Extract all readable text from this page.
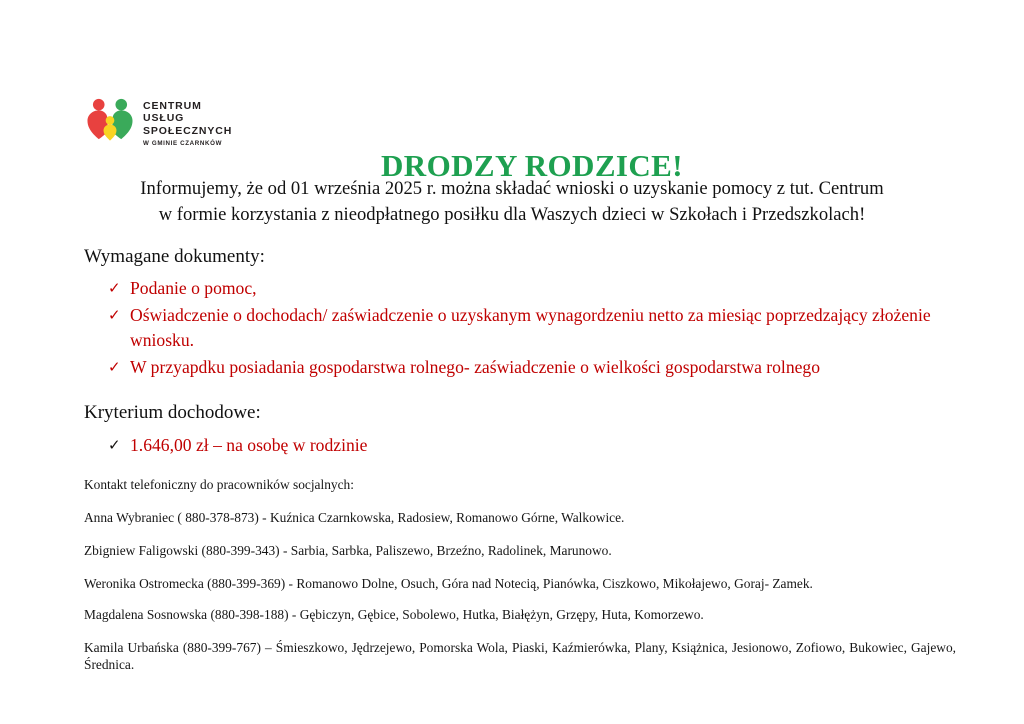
CENTRUM
USŁUG
SPOŁECZNYCH
W GMINIE CZARNKÓW
DRODZY RODZICE!

Informujemy, że od 01 września 2025 r. można składać wnioski o uzyskanie pomocy z tut. Centrum
w formie korzystania z nieodpłatnego posiłku dla Waszych dzieci w Szkołach i Przedszkolach!

Wymagane dokumenty:

✓ Podanie o pomoc,
✓ Oświadczenie o dochodach/ zaświadczenie o uzyskanym wynagordzeniu netto za miesiąc poprzedzający złożenie wniosku.
✓ W przyapdku posiadania gospodarstwa rolnego- zaświadczenie o wielkości gospodarstwa rolnego

Kryterium dochodowe:

✓ 1.646,00 zł – na osobę w rodzinie

Kontakt telefoniczny do pracowników socjalnych:

Anna Wybraniec ( 880-378-873) - Kuźnica Czarnkowska, Radosiew, Romanowo Górne, Walkowice.

Zbigniew Faligowski (880-399-343) - Sarbia, Sarbka, Paliszewo, Brzeźno, Radolinek, Marunowo.

Weronika Ostromecka (880-399-369) - Romanowo Dolne, Osuch, Góra nad Notecią, Pianówka, Ciszkowo, Mikołajewo, Goraj- Zamek.

Magdalena Sosnowska (880-398-188) - Gębiczyn, Gębice, Sobolewo, Hutka, Białężyn, Grzępy, Huta, Komorzewo.

Kamila Urbańska (880-399-767) – Śmieszkowo, Jędrzejewo, Pomorska Wola, Piaski, Kaźmierówka, Plany, Książnica, Jesionowo, Zofiowo, Bukowiec, Gajewo, Średnica.
